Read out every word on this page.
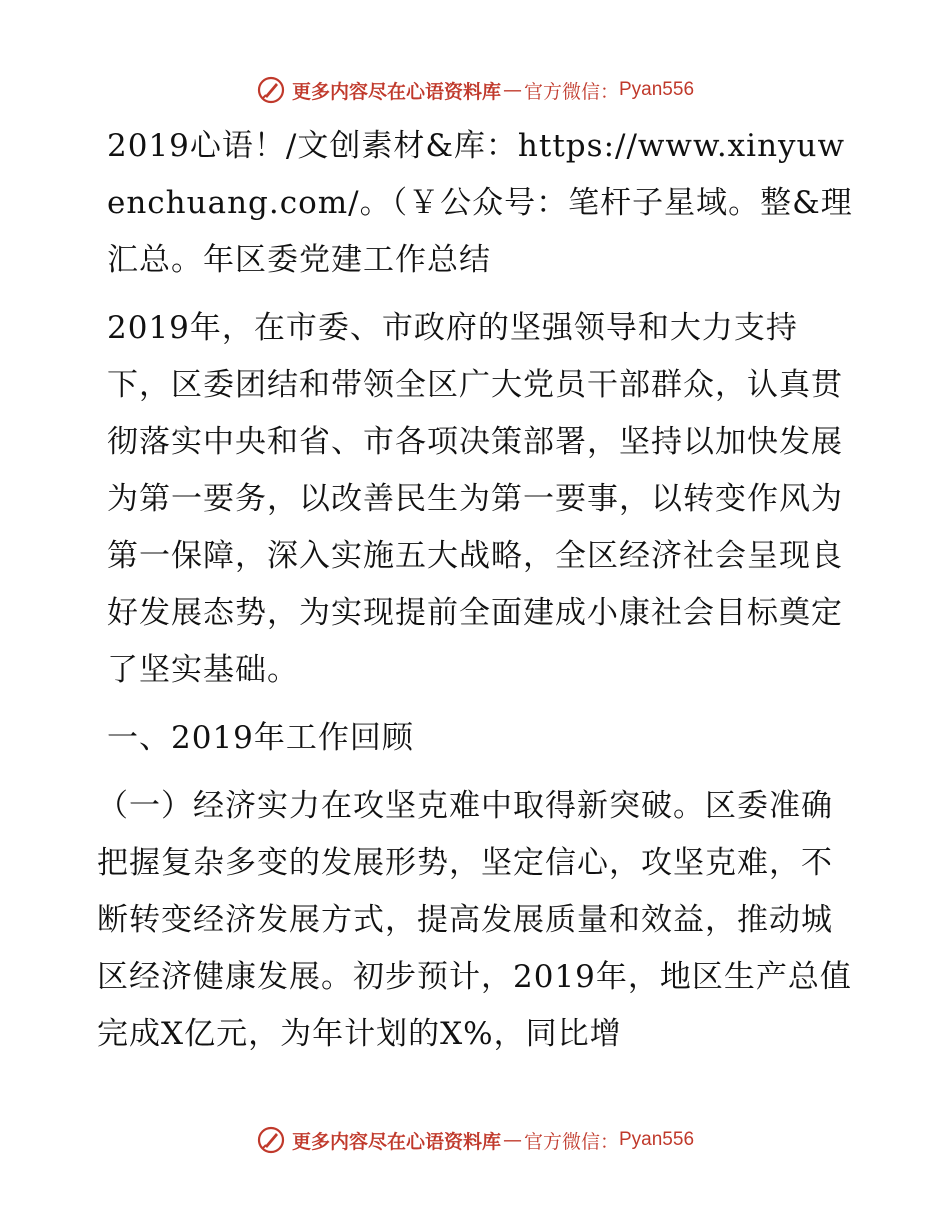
更多内容尽在心语资料库 — 官方微信： Pyan556

2019心语！/文创素材&库：https://www.xinyuwenchuang.com/。（￥公众号：笔杆子星域。整&理汇总。年区委党建工作总结

2019年，在市委、市政府的坚强领导和大力支持下，区委团结和带领全区广大党员干部群众，认真贯彻落实中央和省、市各项决策部署，坚持以加快发展为第一要务，以改善民生为第一要事，以转变作风为第一保障，深入实施五大战略，全区经济社会呈现良好发展态势，为实现提前全面建成小康社会目标奠定了坚实基础。

一、2019年工作回顾

（一）经济实力在攻坚克难中取得新突破。区委准确把握复杂多变的发展形势，坚定信心，攻坚克难，不断转变经济发展方式，提高发展质量和效益，推动城区经济健康发展。初步预计，2019年，地区生产总值完成X亿元，为年计划的X%，同比增

更多内容尽在心语资料库 — 官方微信： Pyan556
